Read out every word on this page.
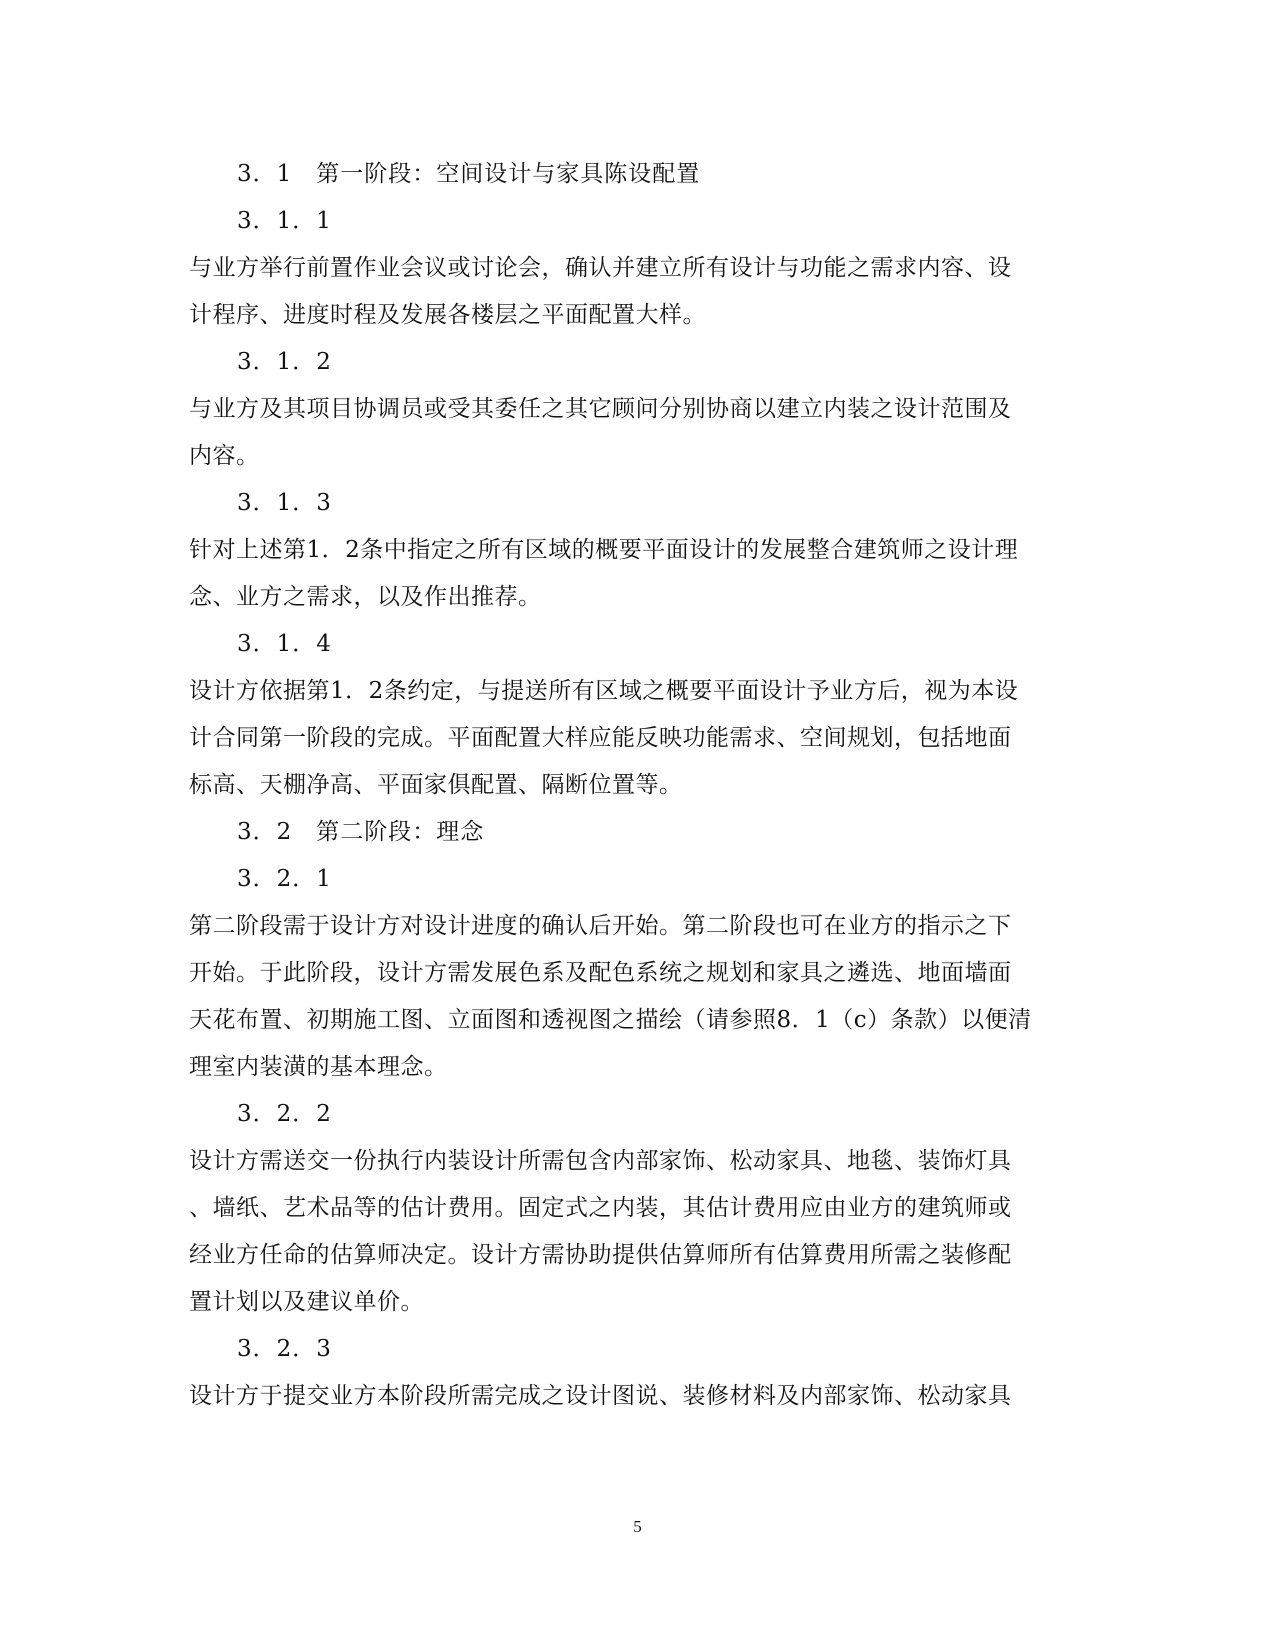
3．1　第一阶段：空间设计与家具陈设配置
3．1．1
与业方举行前置作业会议或讨论会，确认并建立所有设计与功能之需求内容、设
计程序、进度时程及发展各楼层之平面配置大样。
3．1．2
与业方及其项目协调员或受其委任之其它顾问分别协商以建立内装之设计范围及
内容。
3．1．3
针对上述第1．2条中指定之所有区域的概要平面设计的发展整合建筑师之设计理
念、业方之需求，以及作出推荐。
3．1．4
设计方依据第1．2条约定，与提送所有区域之概要平面设计予业方后，视为本设
计合同第一阶段的完成。平面配置大样应能反映功能需求、空间规划，包括地面
标高、天棚净高、平面家俱配置、隔断位置等。
3．2　第二阶段：理念
3．2．1
第二阶段需于设计方对设计进度的确认后开始。第二阶段也可在业方的指示之下
开始。于此阶段，设计方需发展色系及配色系统之规划和家具之遴选、地面墙面
天花布置、初期施工图、立面图和透视图之描绘（请参照8．1（c）条款）以便清
理室内装潢的基本理念。
3．2．2
设计方需送交一份执行内装设计所需包含内部家饰、松动家具、地毯、装饰灯具
、墙纸、艺术品等的估计费用。固定式之内装，其估计费用应由业方的建筑师或
经业方任命的估算师决定。设计方需协助提供估算师所有估算费用所需之装修配
置计划以及建议单价。
3．2．3
设计方于提交业方本阶段所需完成之设计图说、装修材料及内部家饰、松动家具
5
